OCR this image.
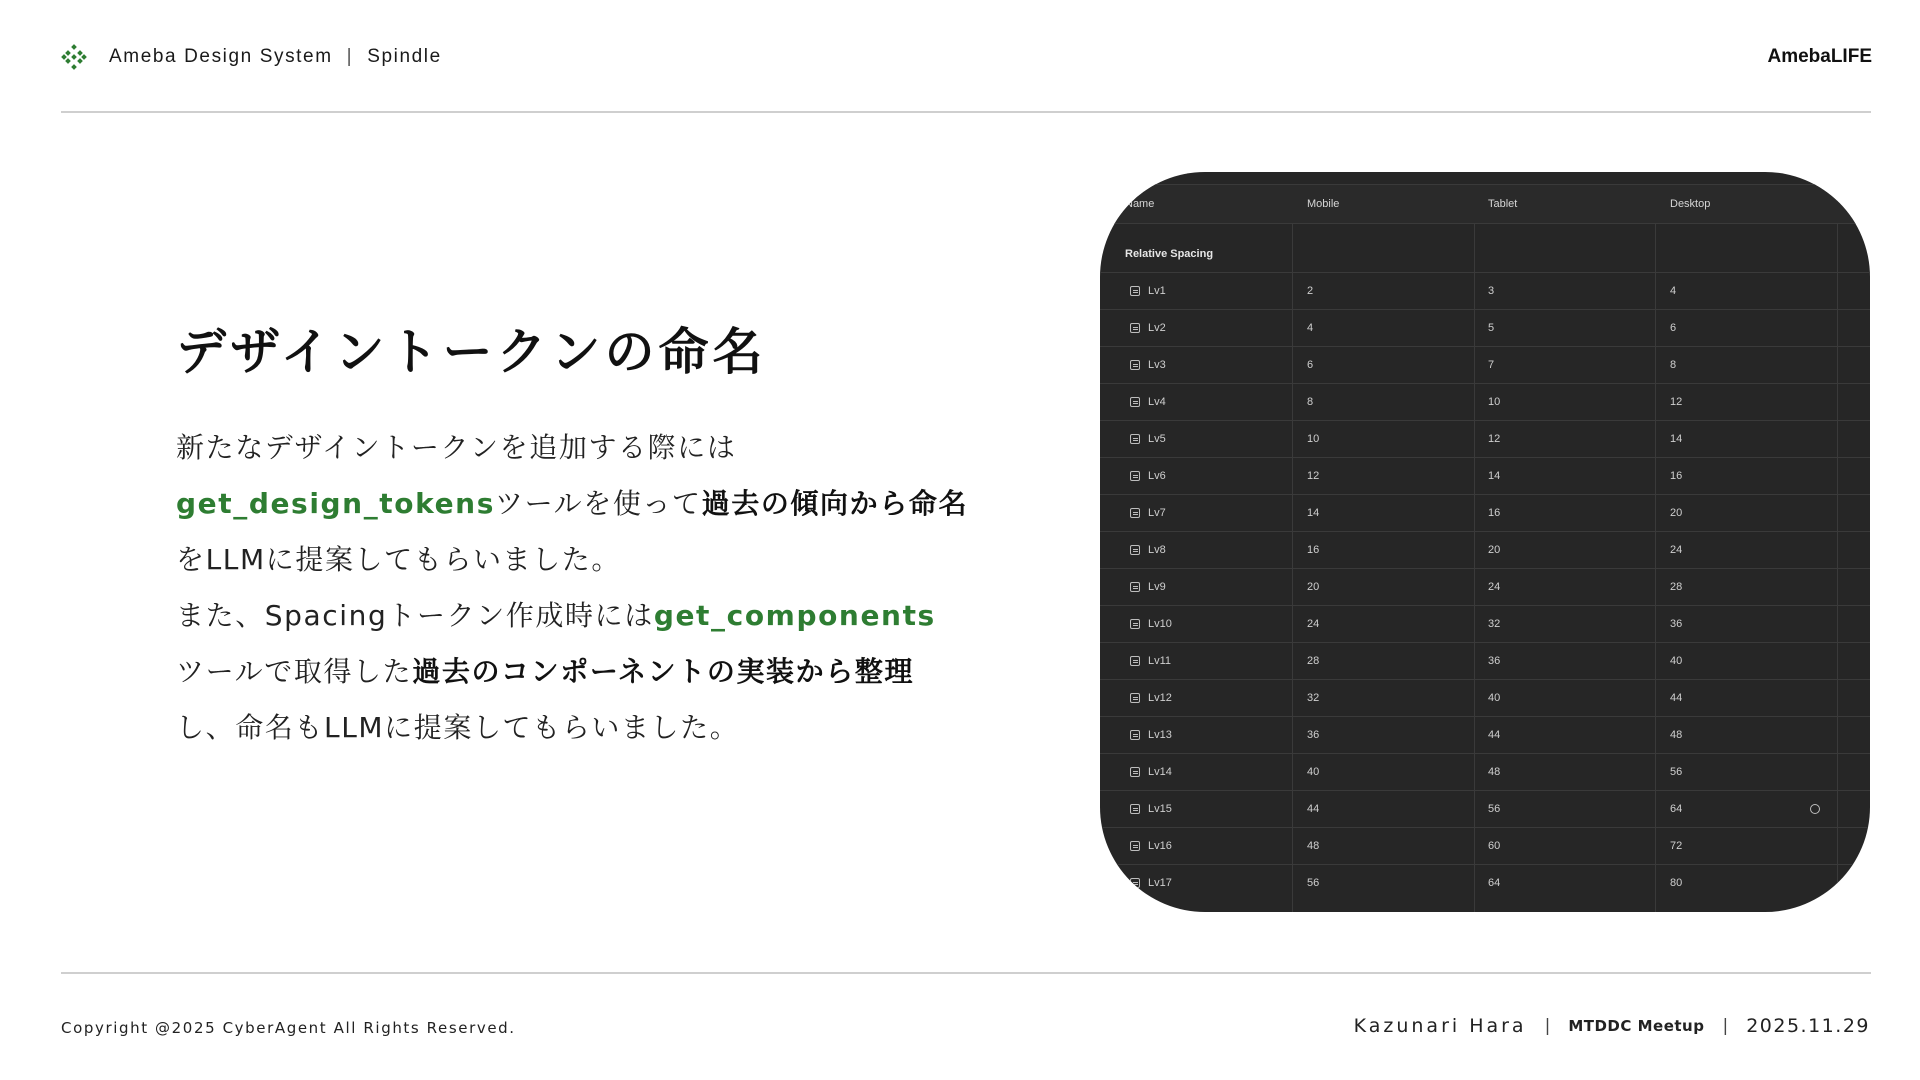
Ameba Design System | Spindle	AmebaLIFE
デザイントークンの命名

新たなデザイントークンを追加する際には

get_design_tokensツールを使って過去の傾向から命名

をLLMに提案してもらいました。

また、Spacingトークン作成時にはget_components

ツールで取得した過去のコンポーネントの実装から整理

し、命名もLLMに提案してもらいました。

Name	Mobile	Tablet	Desktop
Relative Spacing
Lv1	2	3	4
Lv2	4	5	6
Lv3	6	7	8
Lv4	8	10	12
Lv5	10	12	14
Lv6	12	14	16
Lv7	14	16	20
Lv8	16	20	24
Lv9	20	24	28
Lv10	24	32	36
Lv11	28	36	40
Lv12	32	40	44
Lv13	36	44	48
Lv14	40	48	56
Lv15	44	56	64
Lv16	48	60	72
Lv17	56	64	80
Copyright @2025 CyberAgent All Rights Reserved.	Kazunari Hara | MTDDC Meetup | 2025.11.29
